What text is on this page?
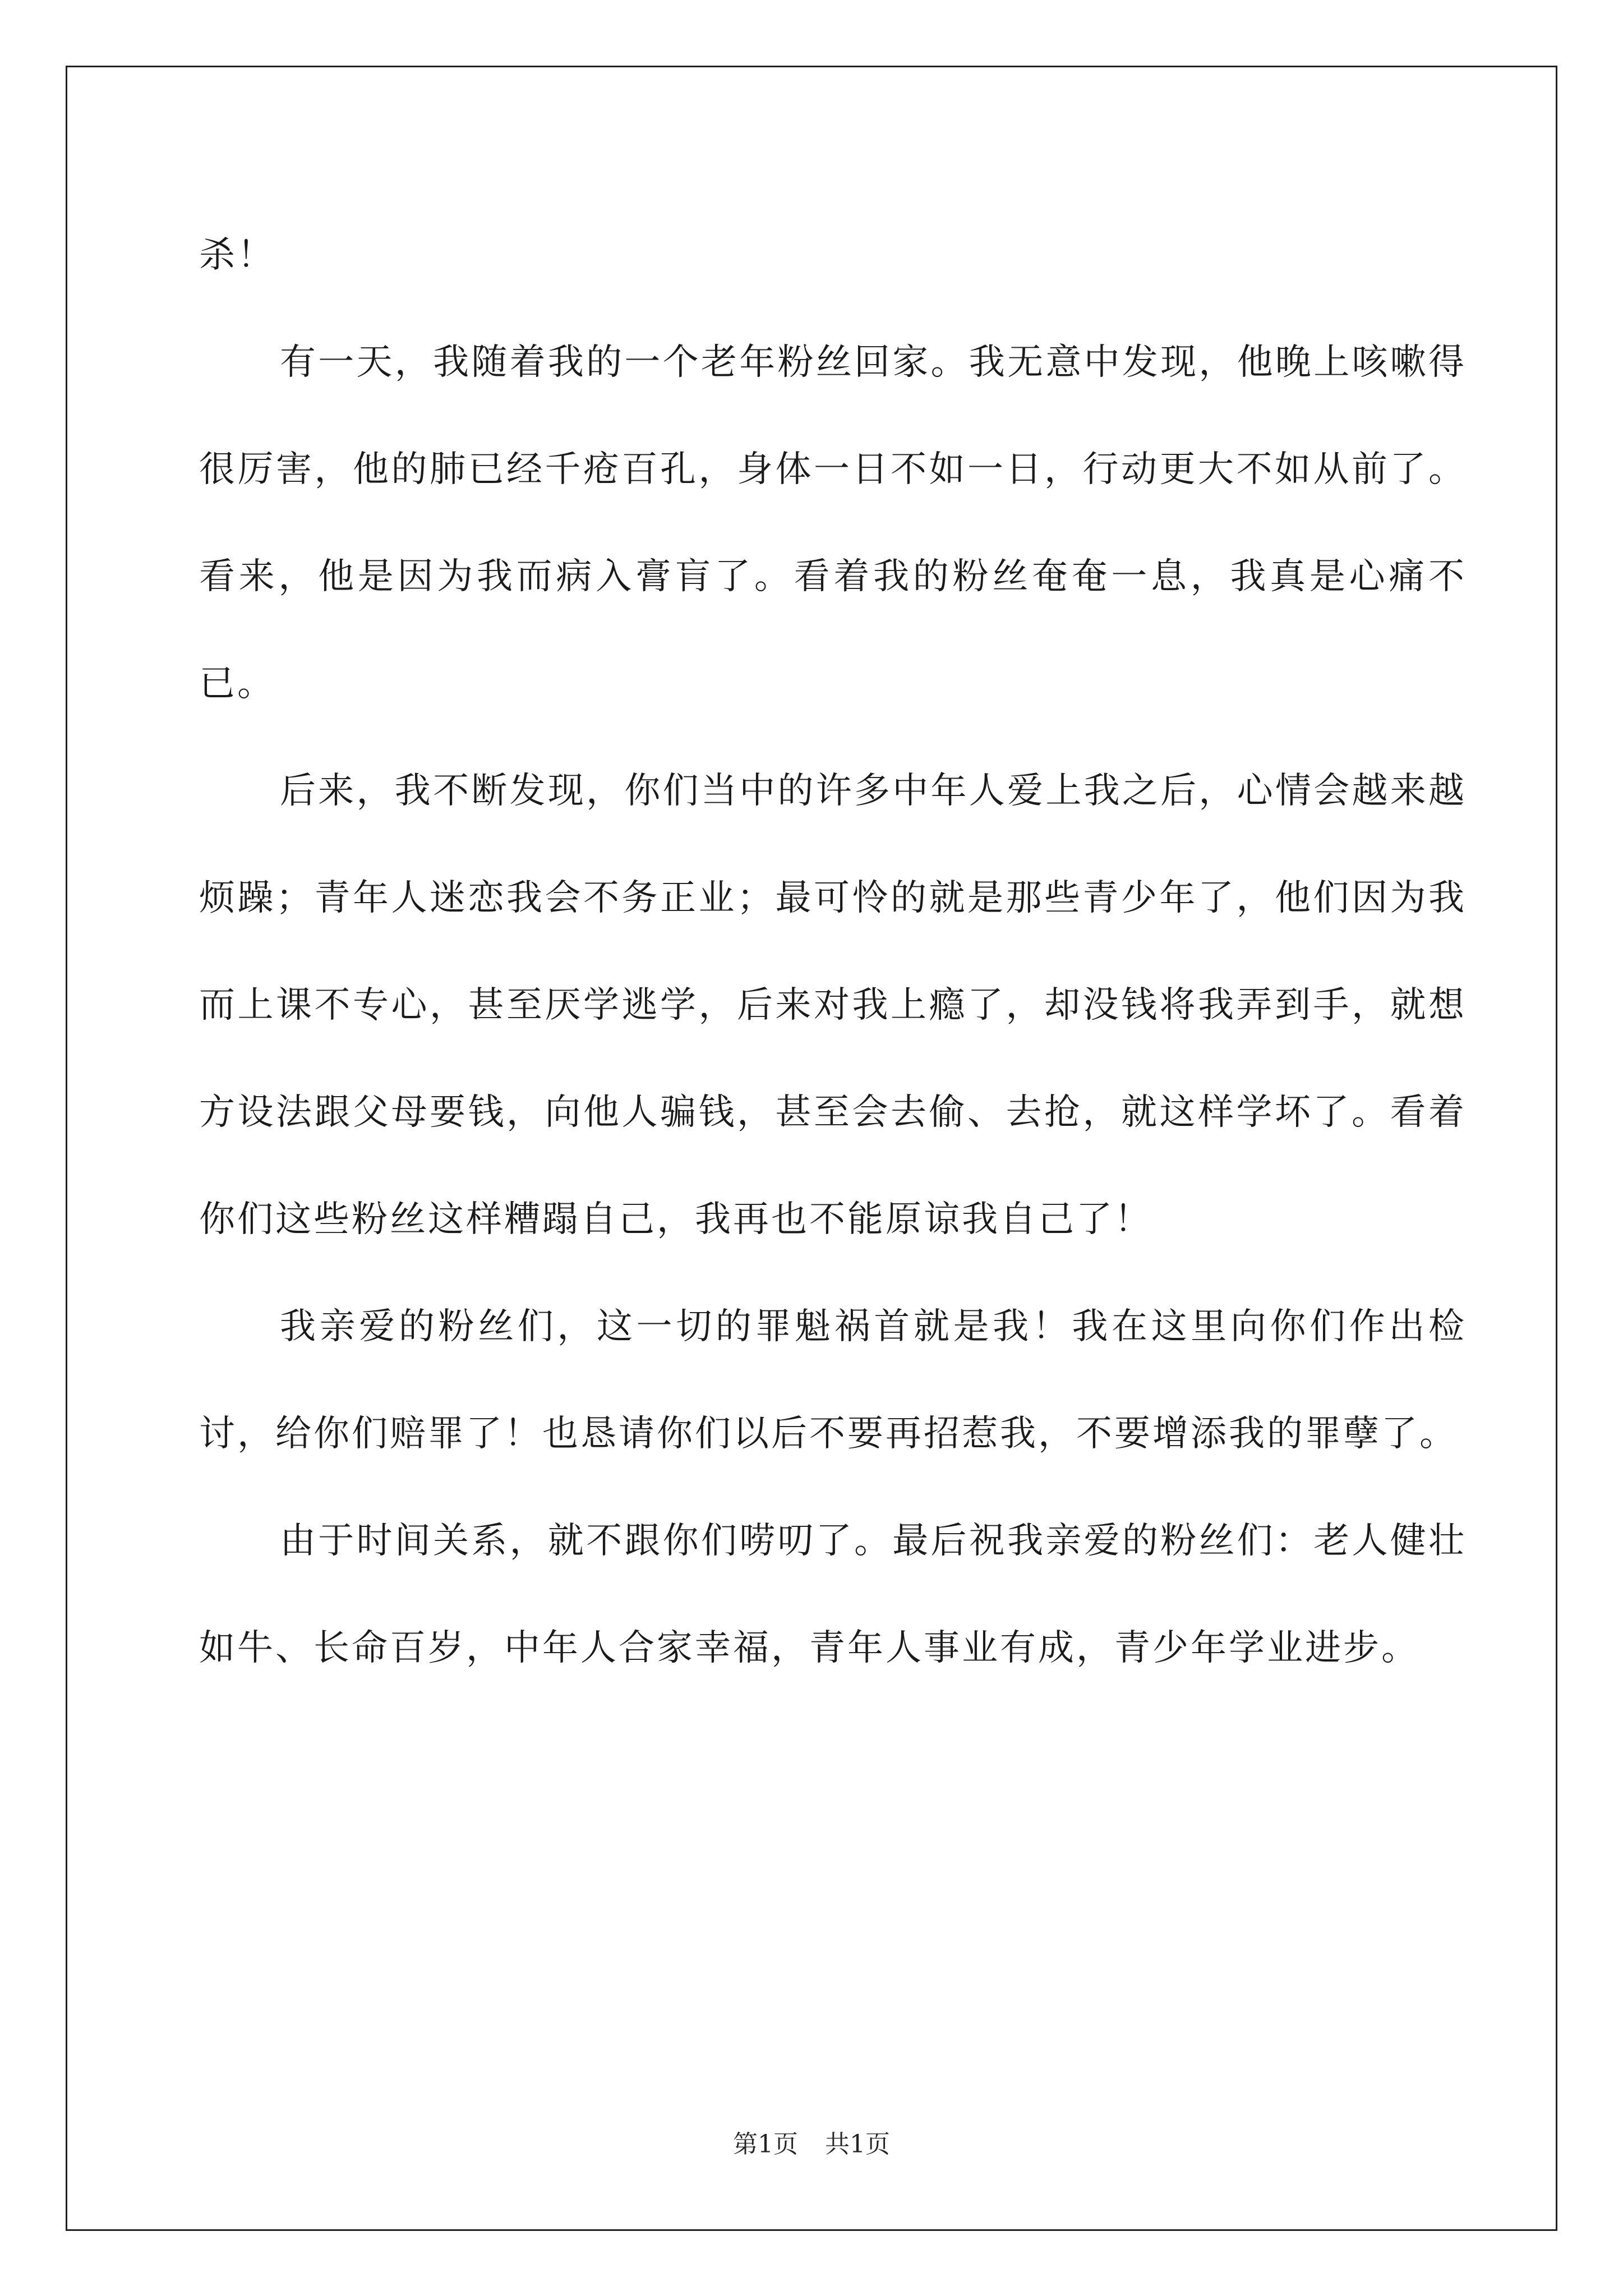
杀！

有一天，我随着我的一个老年粉丝回家。我无意中发现，他晚上咳嗽得很厉害，他的肺已经千疮百孔，身体一日不如一日，行动更大不如从前了。看来，他是因为我而病入膏肓了。看着我的粉丝奄奄一息，我真是心痛不已。

后来，我不断发现，你们当中的许多中年人爱上我之后，心情会越来越烦躁；青年人迷恋我会不务正业；最可怜的就是那些青少年了，他们因为我而上课不专心，甚至厌学逃学，后来对我上瘾了，却没钱将我弄到手，就想方设法跟父母要钱，向他人骗钱，甚至会去偷、去抢，就这样学坏了。看着你们这些粉丝这样糟蹋自己，我再也不能原谅我自己了！

我亲爱的粉丝们，这一切的罪魁祸首就是我！我在这里向你们作出检讨，给你们赔罪了！也恳请你们以后不要再招惹我，不要增添我的罪孽了。

由于时间关系，就不跟你们唠叨了。最后祝我亲爱的粉丝们：老人健壮如牛、长命百岁，中年人合家幸福，青年人事业有成，青少年学业进步。

第1页 共1页
